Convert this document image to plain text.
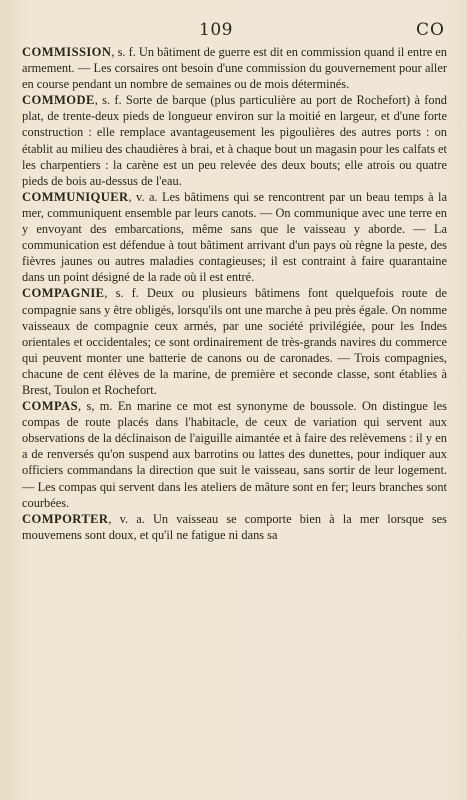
109	CO

COMMISSION, s. f. Un bâtiment de guerre est dit en commission quand il entre en armement. — Les corsaires ont besoin d'une commission du gouvernement pour aller en course pendant un nombre de semaines ou de mois déterminés.

COMMODE, s. f. Sorte de barque (plus particulière au port de Rochefort) à fond plat, de trente-deux pieds de longueur environ sur la moitié en largeur, et d'une forte construction : elle remplace avantageusement les pigoulières des autres ports : on établit au milieu des chaudières à brai, et à chaque bout un magasin pour les calfats et les charpentiers : la carène est un peu relevée des deux bouts; elle atrois ou quatre pieds de bois au-dessus de l'eau.

COMMUNIQUER, v. a. Les bâtimens qui se rencontrent par un beau temps à la mer, communiquent ensemble par leurs canots. — On communique avec une terre en y envoyant des embarcations, même sans que le vaisseau y aborde. — La communication est défendue à tout bâtiment arrivant d'un pays où règne la peste, des fièvres jaunes ou autres maladies contagieuses; il est contraint à faire quarantaine dans un point désigné de la rade où il est entré.

COMPAGNIE, s. f. Deux ou plusieurs bâtimens font quelquefois route de compagnie sans y être obligés, lorsqu'ils ont une marche à peu près égale. On nomme vaisseaux de compagnie ceux armés, par une société privilégiée, pour les Indes orientales et occidentales; ce sont ordinairement de très-grands navires du commerce qui peuvent monter une batterie de canons ou de caronades. — Trois compagnies, chacune de cent élèves de la marine, de première et seconde classe, sont établies à Brest, Toulon et Rochefort.

COMPAS, s, m. En marine ce mot est synonyme de boussole. On distingue les compas de route placés dans l'habitacle, de ceux de variation qui servent aux observations de la déclinaison de l'aiguille aimantée et à faire des relèvemens : il y en a de renversés qu'on suspend aux barrotins ou lattes des dunettes, pour indiquer aux officiers commandans la direction que suit le vaisseau, sans sortir de leur logement. — Les compas qui servent dans les ateliers de mâture sont en fer; leurs branches sont courbées.

COMPORTER, v. a. Un vaisseau se comporte bien à la mer lorsque ses mouvemens sont doux, et qu'il ne fatigue ni dans sa
